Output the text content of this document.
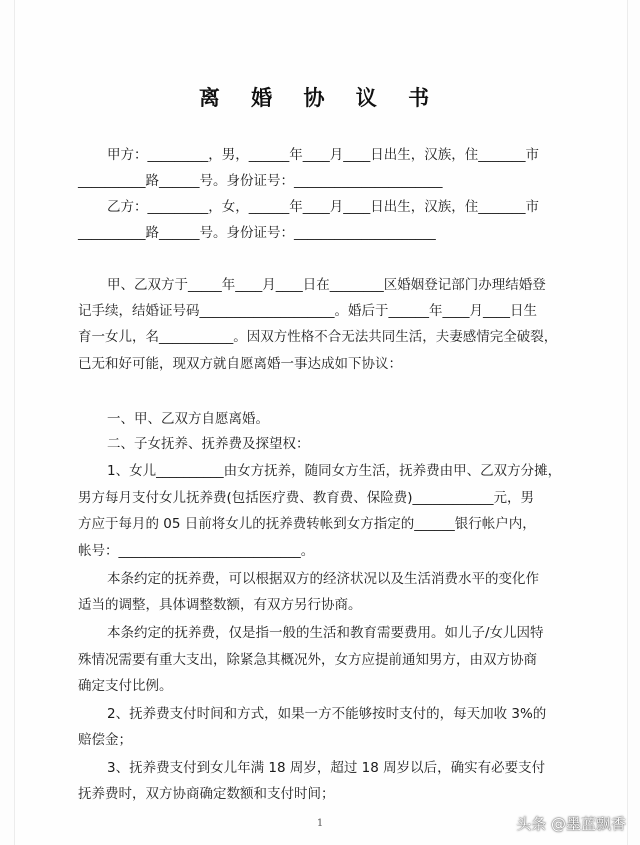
离 婚 协 议 书
甲方：_________，男，______年____月____日出生，汉族，住_______市
__________路______号。身份证号：______________________
乙方：_________，女，______年____月____日出生，汉族，住_______市
__________路______号。身份证号：_____________________
甲、乙双方于_____年____月____日在________区婚姻登记部门办理结婚登
记手续，结婚证号码____________________。婚后于______年____月____日生
育一女儿，名___________。因双方性格不合无法共同生活，夫妻感情完全破裂，
已无和好可能，现双方就自愿离婚一事达成如下协议：
一、甲、乙双方自愿离婚。
二、子女抚养、抚养费及探望权：
1、女儿__________由女方抚养，随同女方生活，抚养费由甲、乙双方分摊，
男方每月支付女儿抚养费(包括医疗费、教育费、保险费)____________元，男
方应于每月的 05 日前将女儿的抚养费转帐到女方指定的______银行帐户内，
帐号：___________________________。
本条约定的抚养费，可以根据双方的经济状况以及生活消费水平的变化作
适当的调整，具体调整数额，有双方另行协商。
本条约定的抚养费，仅是指一般的生活和教育需要费用。如儿子/女儿因特
殊情况需要有重大支出，除紧急其概况外，女方应提前通知男方，由双方协商
确定支付比例。
2、抚养费支付时间和方式，如果一方不能够按时支付的，每天加收 3%的
赔偿金；
3、抚养费支付到女儿年满 18 周岁，超过 18 周岁以后，确实有必要支付
抚养费时，双方协商确定数额和支付时间；
1	头条 @墨蓝飘香
